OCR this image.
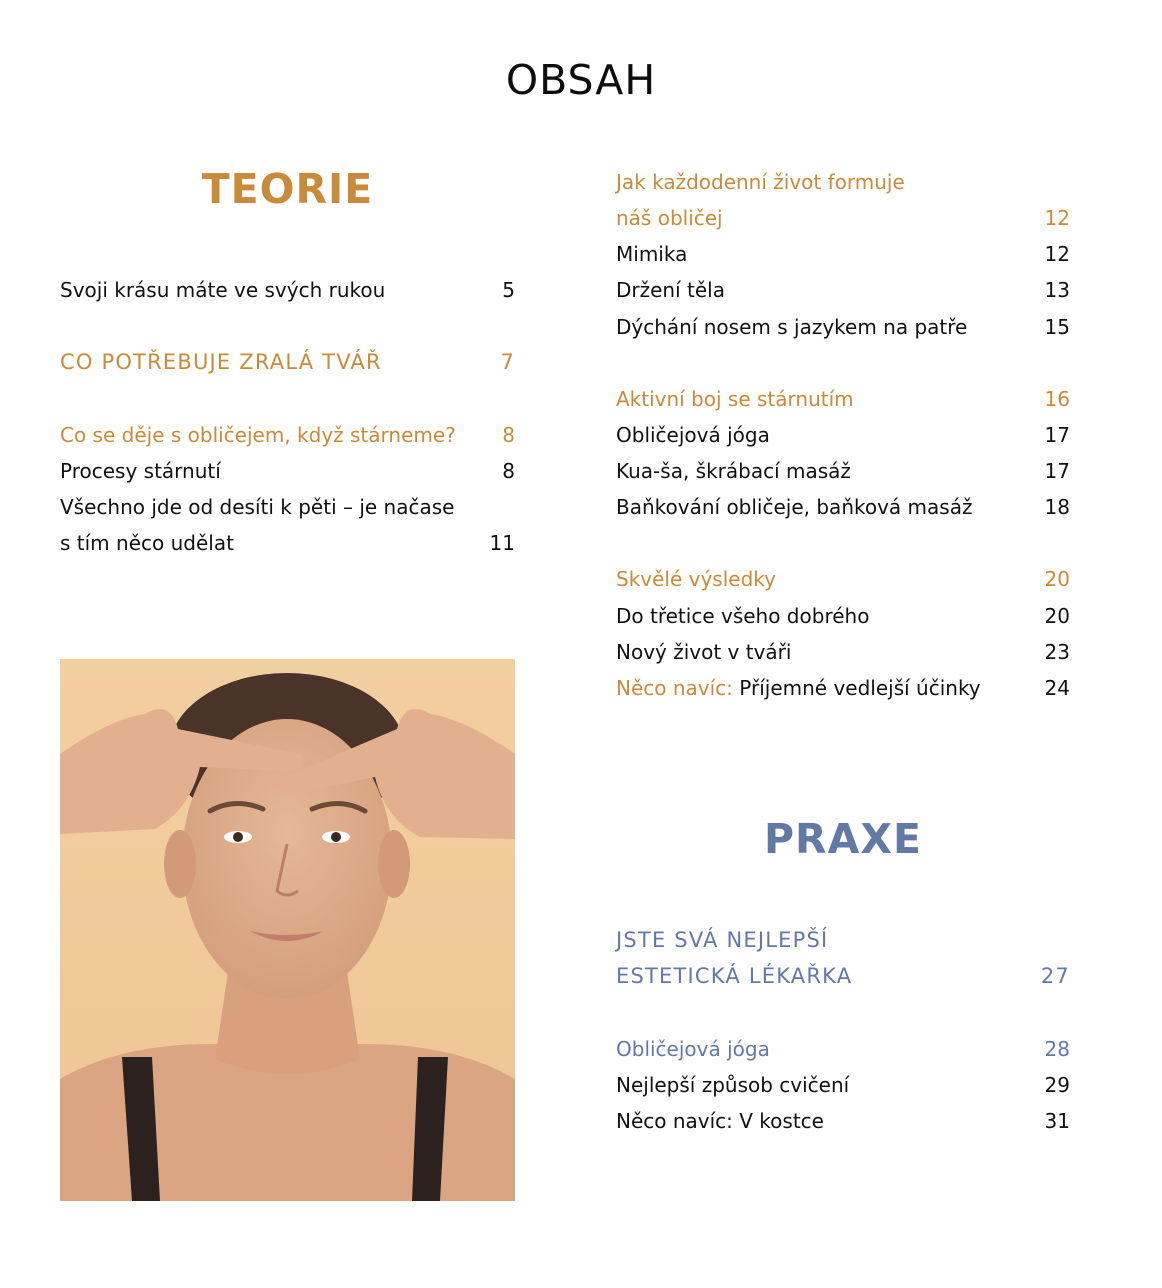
OBSAH
TEORIE
Svoji krásu máte ve svých rukou	5
CO POTŘEBUJE ZRALÁ TVÁŘ	7
Co se děje s obličejem, když stárneme? 8
Procesy stárnutí	8
Všechno jde od desíti k pěti – je načase
s tím něco udělat	11
Jak každodenní život formuje
náš obličej	12
Mimika	12
Držení těla	13
Dýchání nosem s jazykem na patře	15
Aktivní boj se stárnutím	16
Obličejová jóga	17
Kua-ša, škrábací masáž	17
Baňkování obličeje, baňková masáž	18
Skvělé výsledky	20
Do třetice všeho dobrého	20
Nový život v tváři	23
Něco navíc: Příjemné vedlejší účinky	24
PRAXE
JSTE SVÁ NEJLEPŠÍ
ESTETICKÁ LÉKAŘKA	27
Obličejová jóga	28
Nejlepší způsob cvičení	29
Něco navíc: V kostce	31
